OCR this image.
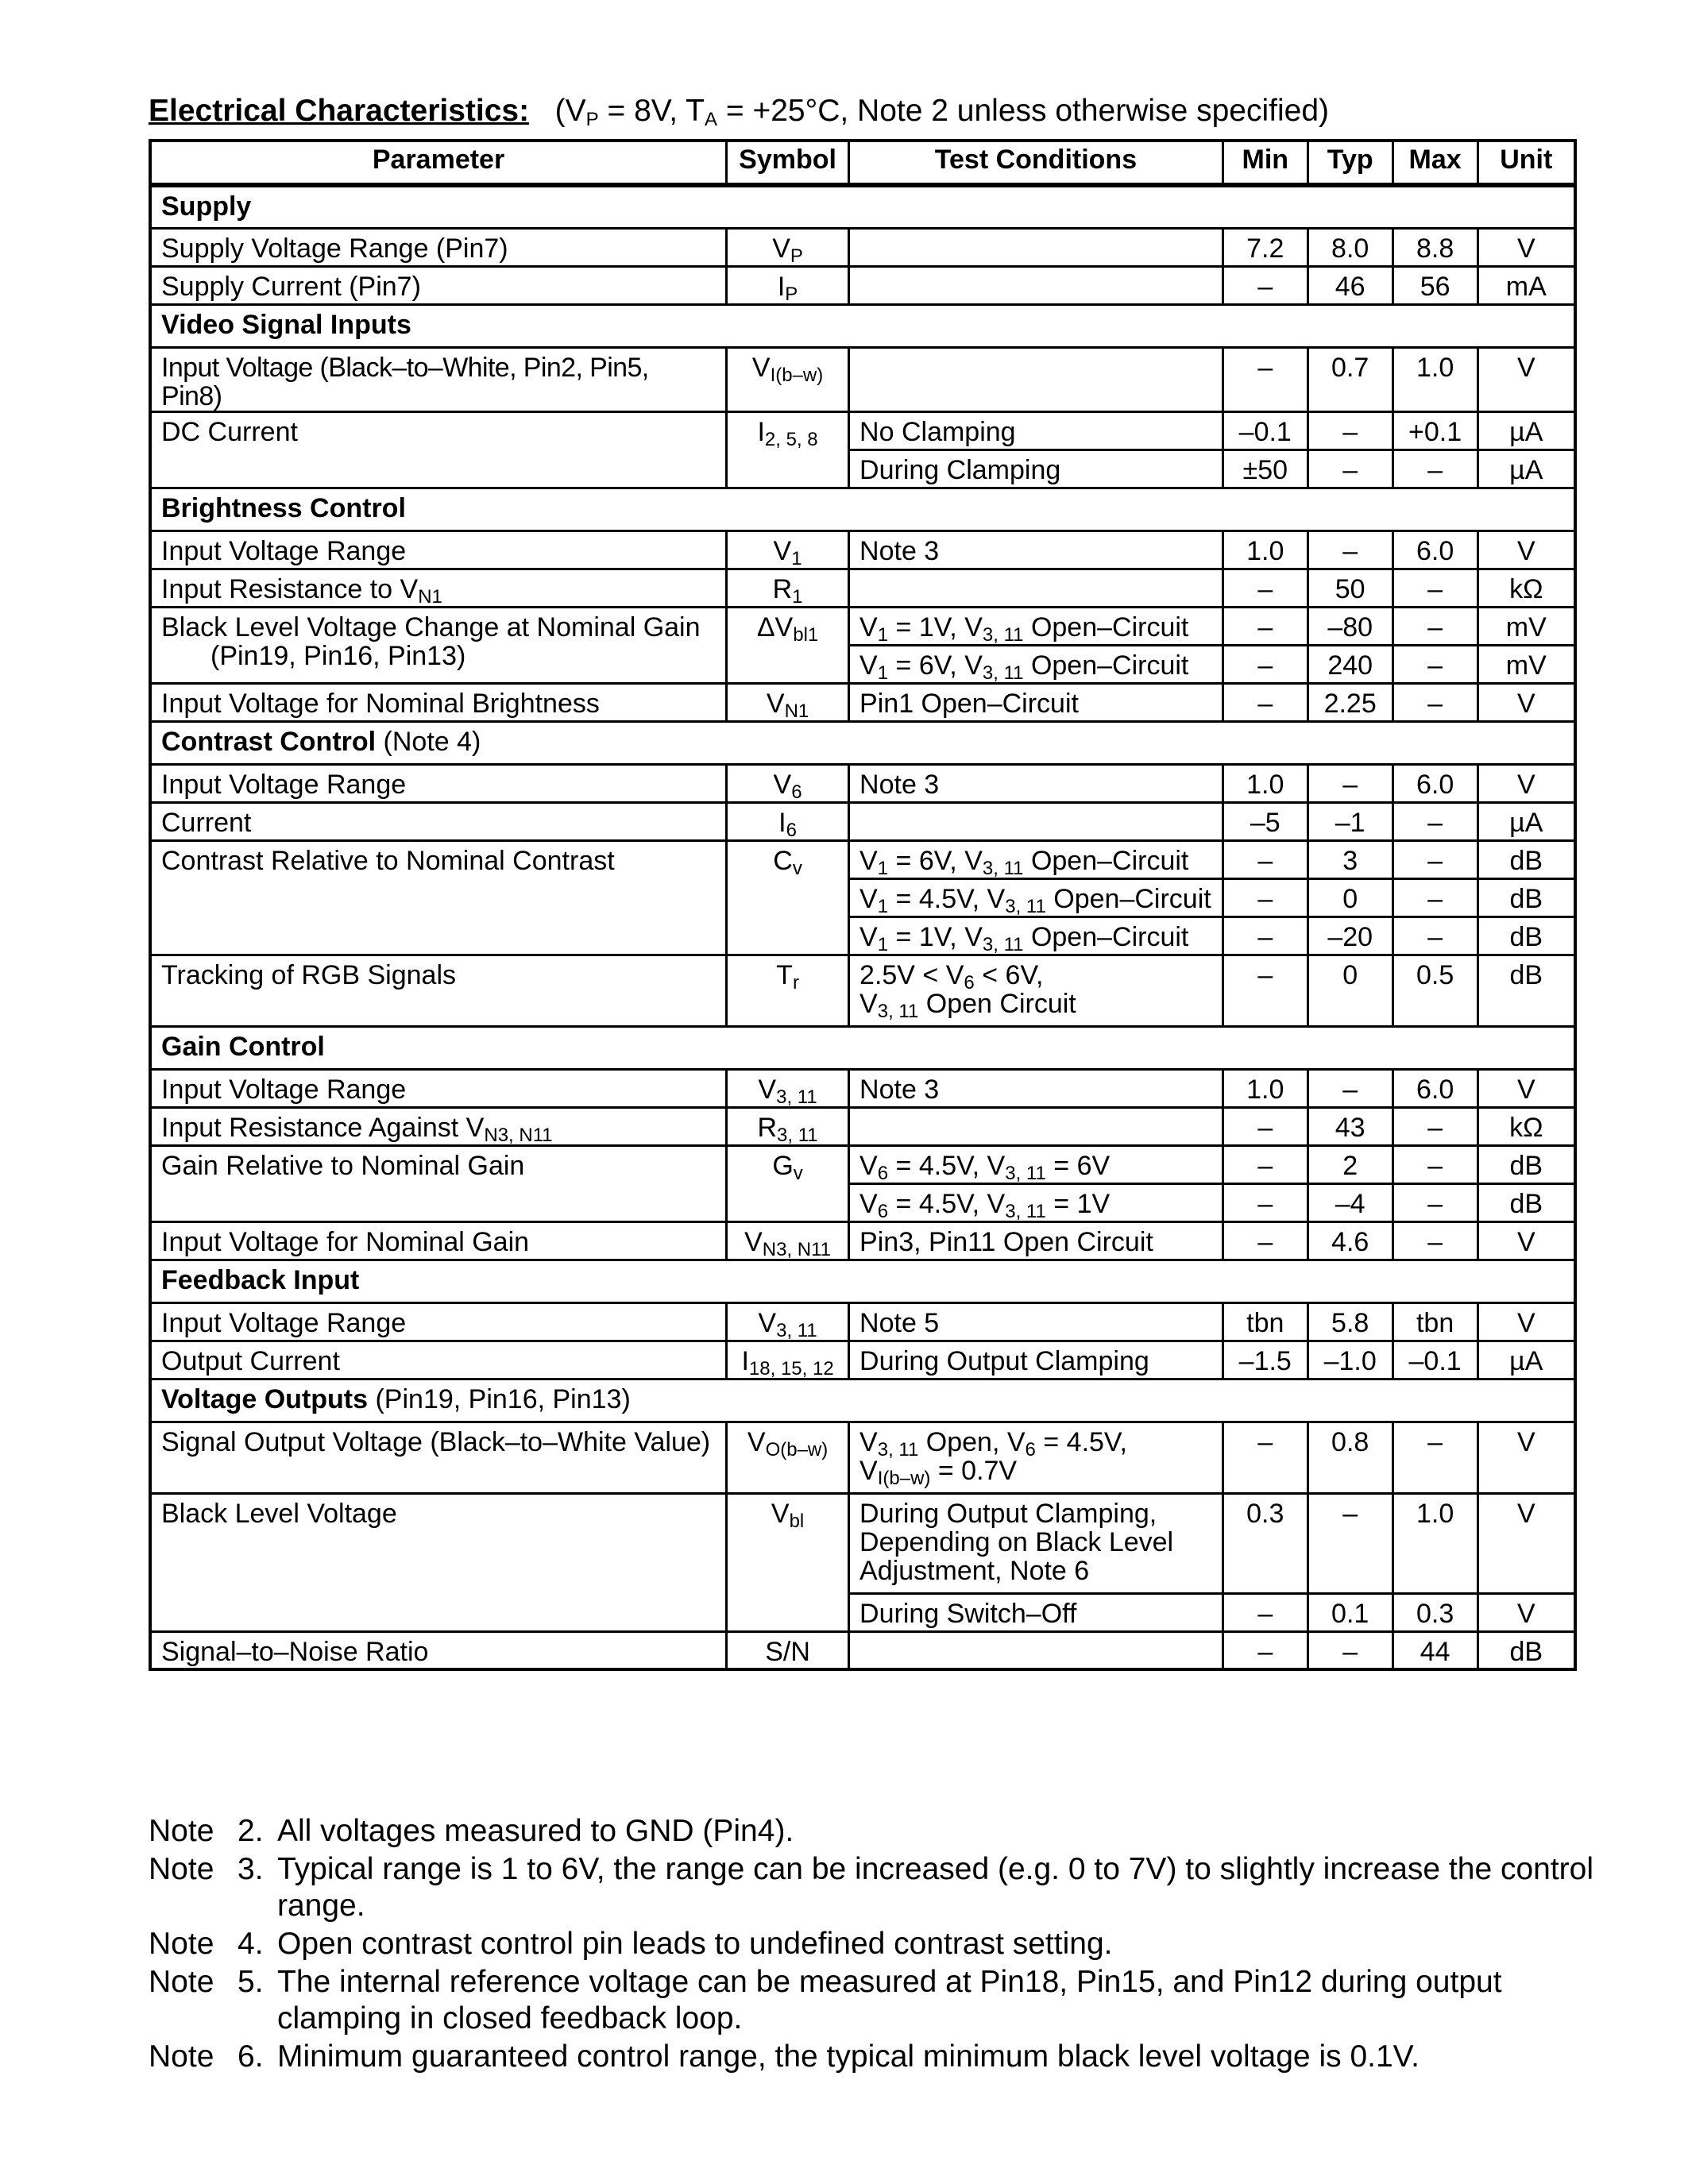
Electrical Characteristics: ($V_P = 8V$, $T_A = +25^\circ C$, Note 2 unless otherwise specified)
Parameter	Symbol	Test Conditions	Min	Typ	Max	Unit
Supply						
Supply Voltage Range (Pin7)	$V_P$		7.2	8.0	8.8	V
Supply Current (Pin7)	$I_P$		–	46	56	mA
Video Signal Inputs						
Input Voltage (Black–to–White, Pin2, Pin5, Pin8)	$V_{I(b-w)}$		–	0.7	1.0	V
DC Current	$I_{2, 5, 8}$	No Clamping	–0.1	–	+0.1	µA
		During Clamping	±50	–	–	µA
Brightness Control						
Input Voltage Range	$V_1$	Note 3	1.0	–	6.0	V
Input Resistance to $V_{N1}$	$R_1$		–	50	–	kΩ
Black Level Voltage Change at Nominal Gain
(Pin19, Pin16, Pin13)	$\Delta V_{bl1}$	$V_1 = 1V$, $V_{3, 11}$ Open–Circuit	–	–80	–	mV
		$V_1 = 6V$, $V_{3, 11}$ Open–Circuit	–	240	–	mV
Input Voltage for Nominal Brightness	$V_{N1}$	Pin1 Open–Circuit	–	2.25	–	V
Contrast Control (Note 4)						
Input Voltage Range	$V_6$	Note 3	1.0	–	6.0	V
Current	$I_6$		–5	–1	–	µA
Contrast Relative to Nominal Contrast	$C_v$	$V_1 = 6V$, $V_{3, 11}$ Open–Circuit	–	3	–	dB
		$V_1 = 4.5V$, $V_{3, 11}$ Open–Circuit	–	0	–	dB
		$V_1 = 1V$, $V_{3, 11}$ Open–Circuit	–	–20	–	dB
Tracking of RGB Signals	$T_r$	$2.5V < V_6 < 6V$,
$V_{3, 11}$ Open Circuit	–	0	0.5	dB
Gain Control						
Input Voltage Range	$V_{3, 11}$	Note 3	1.0	–	6.0	V
Input Resistance Against $V_{N3, N11}$	$R_{3, 11}$		–	43	–	kΩ
Gain Relative to Nominal Gain	$G_v$	$V_6 = 4.5V$, $V_{3, 11} = 6V$	–	2	–	dB
		$V_6 = 4.5V$, $V_{3, 11} = 1V$	–	–4	–	dB
Input Voltage for Nominal Gain	$V_{N3, N11}$	Pin3, Pin11 Open Circuit	–	4.6	–	V
Feedback Input						
Input Voltage Range	$V_{3, 11}$	Note 5	tbn	5.8	tbn	V
Output Current	$I_{18, 15, 12}$	During Output Clamping	–1.5	–1.0	–0.1	µA
Voltage Outputs (Pin19, Pin16, Pin13)						
Signal Output Voltage (Black–to–White Value)	$V_{O(b-w)}$	$V_{3, 11}$ Open, $V_6 = 4.5V$,
$V_{I(b-w)} = 0.7V$	–	0.8	–	V
Black Level Voltage	$V_{bl}$	During Output Clamping,
Depending on Black Level
Adjustment, Note 6	0.3	–	1.0	V
		During Switch–Off	–	0.1	0.3	V
Signal–to–Noise Ratio	S/N		–	–	44	dB
Note 2. All voltages measured to GND (Pin4).
Note 3. Typical range is 1 to 6V, the range can be increased (e.g. 0 to 7V) to slightly increase the control range.
Note 4. Open contrast control pin leads to undefined contrast setting.
Note 5. The internal reference voltage can be measured at Pin18, Pin15, and Pin12 during output clamping in closed feedback loop.
Note 6. Minimum guaranteed control range, the typical minimum black level voltage is 0.1V.
